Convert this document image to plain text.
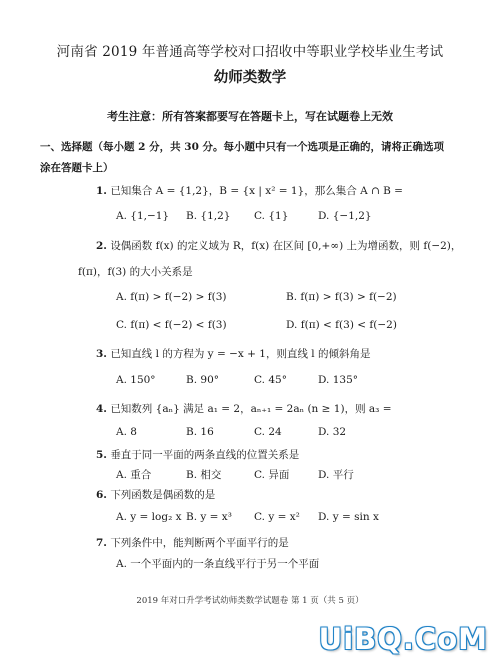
河南省 2019 年普通高等学校对口招收中等职业学校毕业生考试
幼师类数学
考生注意：所有答案都要写在答题卡上，写在试题卷上无效
一、选择题（每小题 2 分，共 30 分。每小题中只有一个选项是正确的，请将正确选项
涂在答题卡上）
1. 已知集合 A = {1,2}，B = {x | x² = 1}，那么集合 A ∩ B =
A. {1,−1} B. {1,2} C. {1}	D. {−1,2}
2. 设偶函数 f(x) 的定义域为 R，f(x) 在区间 [0,+∞) 上为增函数，则 f(−2)，
f(π)，f(3) 的大小关系是
A. f(π) > f(−2) > f(3)	B. f(π) > f(3) > f(−2)
C. f(π) < f(−2) < f(3)	D. f(π) < f(3) < f(−2)
3. 已知直线 l 的方程为 y = −x + 1，则直线 l 的倾斜角是
A. 150°	B. 90°	C. 45°	D. 135°
4. 已知数列 {aₙ} 满足 a₁ = 2，aₙ₊₁ = 2aₙ (n ≥ 1)，则 a₃ =
A. 8	B. 16	C. 24	D. 32
5. 垂直于同一平面的两条直线的位置关系是
A. 重合	B. 相交	C. 异面	D. 平行
6. 下列函数是偶函数的是
A. y = log₂ x B. y = x³ C. y = x² D. y = sin x
7. 下列条件中，能判断两个平面平行的是
A. 一个平面内的一条直线平行于另一个平面
2019 年对口升学考试幼师类数学试题卷 第 1 页（共 5 页）
UiBQ.CoM
